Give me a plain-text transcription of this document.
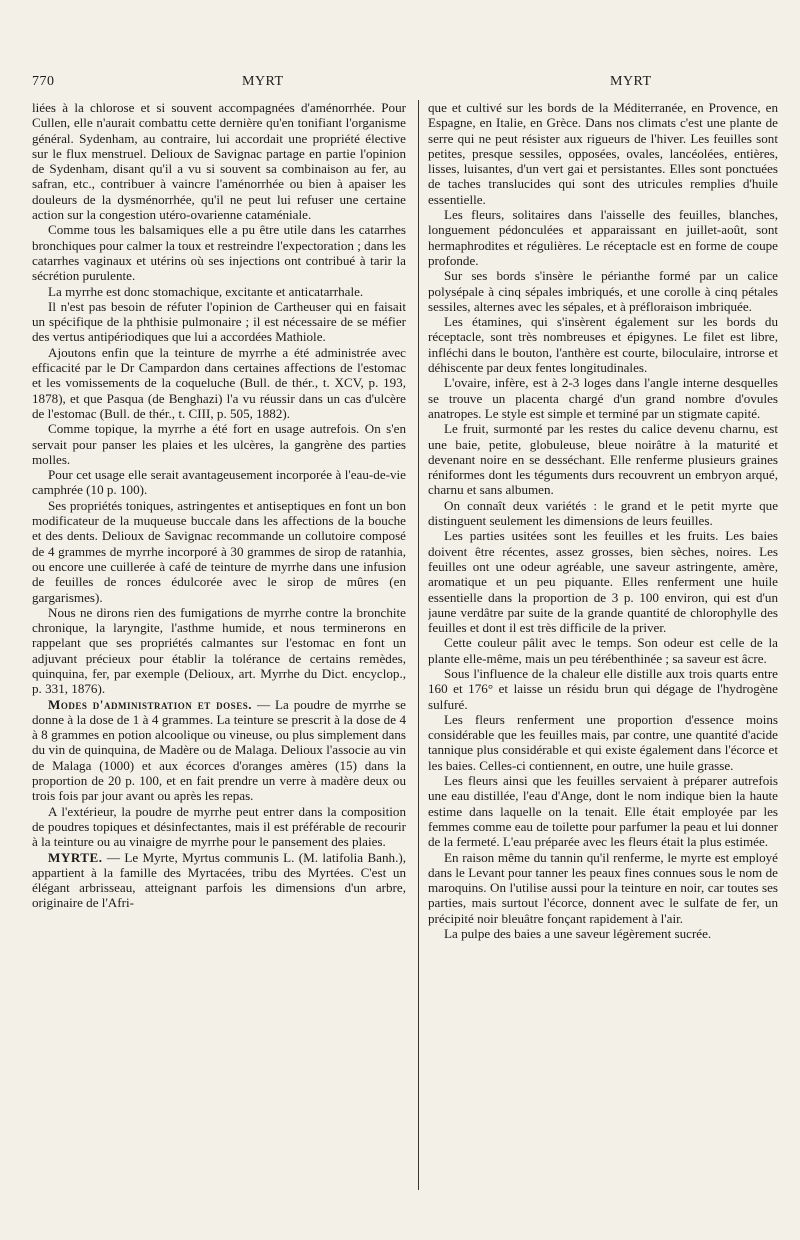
770	MYRT	MYRT

liées à la chlorose et si souvent accompagnées d'aménorrhée. Pour Cullen, elle n'aurait combattu cette dernière qu'en tonifiant l'organisme général. Sydenham, au contraire, lui accordait une propriété élective sur le flux menstruel. Delioux de Savignac partage en partie l'opinion de Sydenham, disant qu'il a vu si souvent sa combinaison au fer, au safran, etc., contribuer à vaincre l'aménorrhée ou bien à apaiser les douleurs de la dysménorrhée, qu'il ne peut lui refuser une certaine action sur la congestion utéro-ovarienne cataméniale.

Comme tous les balsamiques elle a pu être utile dans les catarrhes bronchiques pour calmer la toux et restreindre l'expectoration ; dans les catarrhes vaginaux et utérins où ses injections ont contribué à tarir la sécrétion purulente.

La myrrhe est donc stomachique, excitante et anticatarrhale.

Il n'est pas besoin de réfuter l'opinion de Cartheuser qui en faisait un spécifique de la phthisie pulmonaire ; il est nécessaire de se méfier des vertus antipériodiques que lui a accordées Mathiole.

Ajoutons enfin que la teinture de myrrhe a été administrée avec efficacité par le Dr Campardon dans certaines affections de l'estomac et les vomissements de la coqueluche (Bull. de thér., t. XCV, p. 193, 1878), et que Pasqua (de Benghazi) l'a vu réussir dans un cas d'ulcère de l'estomac (Bull. de thér., t. CIII, p. 505, 1882).

Comme topique, la myrrhe a été fort en usage autrefois. On s'en servait pour panser les plaies et les ulcères, la gangrène des parties molles.

Pour cet usage elle serait avantageusement incorporée à l'eau-de-vie camphrée (10 p. 100).

Ses propriétés toniques, astringentes et antiseptiques en font un bon modificateur de la muqueuse buccale dans les affections de la bouche et des dents. Delioux de Savignac recommande un collutoire composé de 4 grammes de myrrhe incorporé à 30 grammes de sirop de ratanhia, ou encore une cuillerée à café de teinture de myrrhe dans une infusion de feuilles de ronces édulcorée avec le sirop de mûres (en gargarismes).

Nous ne dirons rien des fumigations de myrrhe contre la bronchite chronique, la laryngite, l'asthme humide, et nous terminerons en rappelant que ses propriétés calmantes sur l'estomac en font un adjuvant précieux pour établir la tolérance de certains remèdes, quinquina, fer, par exemple (Delioux, art. Myrrhe du Dict. encyclop., p. 331, 1876).

Modes d'administration et doses. — La poudre de myrrhe se donne à la dose de 1 à 4 grammes. La teinture se prescrit à la dose de 4 à 8 grammes en potion alcoolique ou vineuse, ou plus simplement dans du vin de quinquina, de Madère ou de Malaga. Delioux l'associe au vin de Malaga (1000) et aux écorces d'oranges amères (15) dans la proportion de 20 p. 100, et en fait prendre un verre à madère deux ou trois fois par jour avant ou après les repas.

A l'extérieur, la poudre de myrrhe peut entrer dans la composition de poudres topiques et désinfectantes, mais il est préférable de recourir à la teinture ou au vinaigre de myrrhe pour le pansement des plaies.

MYRTE. — Le Myrte, Myrtus communis L. (M. latifolia Banh.), appartient à la famille des Myrtacées, tribu des Myrtées. C'est un élégant arbrisseau, atteignant parfois les dimensions d'un arbre, originaire de l'Afri-

que et cultivé sur les bords de la Méditerranée, en Provence, en Espagne, en Italie, en Grèce. Dans nos climats c'est une plante de serre qui ne peut résister aux rigueurs de l'hiver. Les feuilles sont petites, presque sessiles, opposées, ovales, lancéolées, entières, lisses, luisantes, d'un vert gai et persistantes. Elles sont ponctuées de taches translucides qui sont des utricules remplies d'huile essentielle.

Les fleurs, solitaires dans l'aisselle des feuilles, blanches, longuement pédonculées et apparaissant en juillet-août, sont hermaphrodites et régulières. Le réceptacle est en forme de coupe profonde.

Sur ses bords s'insère le périanthe formé par un calice polysépale à cinq sépales imbriqués, et une corolle à cinq pétales sessiles, alternes avec les sépales, et à préfloraison imbriquée.

Les étamines, qui s'insèrent également sur les bords du réceptacle, sont très nombreuses et épigynes. Le filet est libre, infléchi dans le bouton, l'anthère est courte, biloculaire, introrse et déhiscente par deux fentes longitudinales.

L'ovaire, infère, est à 2-3 loges dans l'angle interne desquelles se trouve un placenta chargé d'un grand nombre d'ovules anatropes. Le style est simple et terminé par un stigmate capité.

Le fruit, surmonté par les restes du calice devenu charnu, est une baie, petite, globuleuse, bleue noirâtre à la maturité et devenant noire en se desséchant. Elle renferme plusieurs graines réniformes dont les téguments durs recouvrent un embryon arqué, charnu et sans albumen.

On connaît deux variétés : le grand et le petit myrte que distinguent seulement les dimensions de leurs feuilles.

Les parties usitées sont les feuilles et les fruits. Les baies doivent être récentes, assez grosses, bien sèches, noires. Les feuilles ont une odeur agréable, une saveur astringente, amère, aromatique et un peu piquante. Elles renferment une huile essentielle dans la proportion de 3 p. 100 environ, qui est d'un jaune verdâtre par suite de la grande quantité de chlorophylle des feuilles et dont il est très difficile de la priver.

Cette couleur pâlit avec le temps. Son odeur est celle de la plante elle-même, mais un peu térébenthinée ; sa saveur est âcre.

Sous l'influence de la chaleur elle distille aux trois quarts entre 160 et 176° et laisse un résidu brun qui dégage de l'hydrogène sulfuré.

Les fleurs renferment une proportion d'essence moins considérable que les feuilles mais, par contre, une quantité d'acide tannique plus considérable et qui existe également dans l'écorce et les baies. Celles-ci contiennent, en outre, une huile grasse.

Les fleurs ainsi que les feuilles servaient à préparer autrefois une eau distillée, l'eau d'Ange, dont le nom indique bien la haute estime dans laquelle on la tenait. Elle était employée par les femmes comme eau de toilette pour parfumer la peau et lui donner de la fermeté. L'eau préparée avec les fleurs était la plus estimée.

En raison même du tannin qu'il renferme, le myrte est employé dans le Levant pour tanner les peaux fines connues sous le nom de maroquins. On l'utilise aussi pour la teinture en noir, car toutes ses parties, mais surtout l'écorce, donnent avec le sulfate de fer, un précipité noir bleuâtre fonçant rapidement à l'air.

La pulpe des baies a une saveur légèrement sucrée.
